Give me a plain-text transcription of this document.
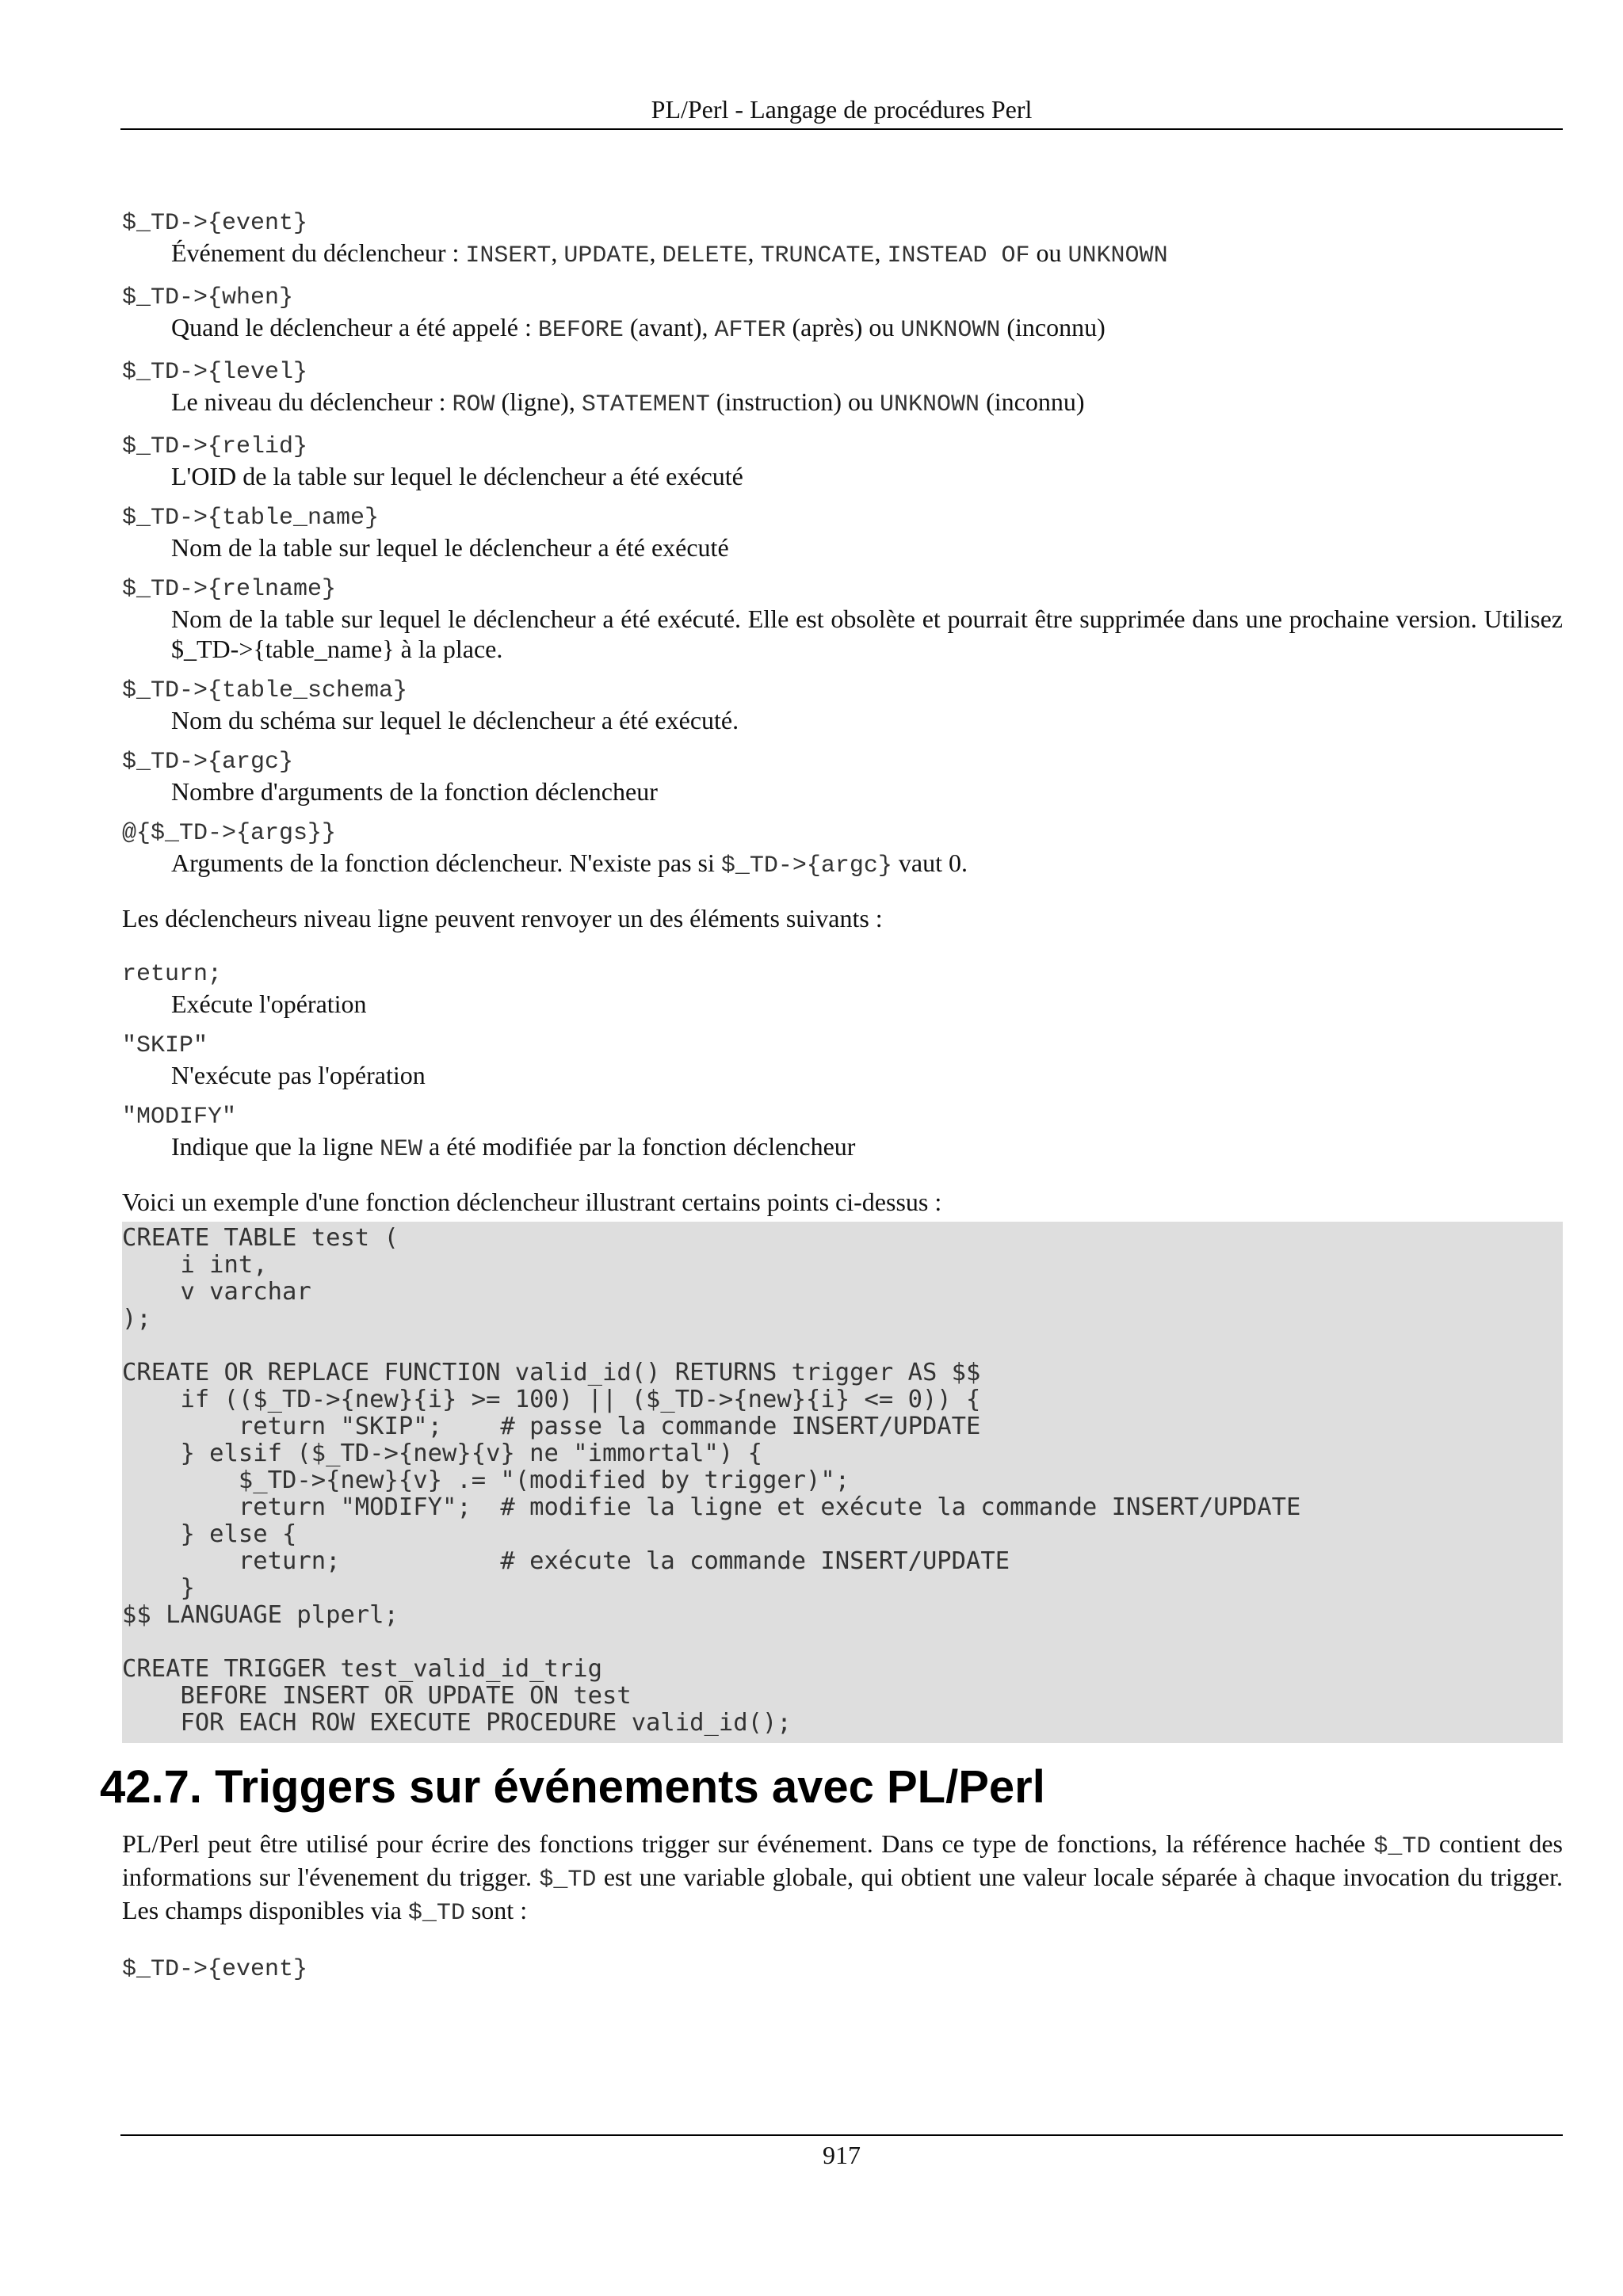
PL/Perl - Langage de procédures Perl
$_TD->{event}
Événement du déclencheur : INSERT, UPDATE, DELETE, TRUNCATE, INSTEAD OF ou UNKNOWN
$_TD->{when}
Quand le déclencheur a été appelé : BEFORE (avant), AFTER (après) ou UNKNOWN (inconnu)
$_TD->{level}
Le niveau du déclencheur : ROW (ligne), STATEMENT (instruction) ou UNKNOWN (inconnu)
$_TD->{relid}
L'OID de la table sur lequel le déclencheur a été exécuté
$_TD->{table_name}
Nom de la table sur lequel le déclencheur a été exécuté
$_TD->{relname}
Nom de la table sur lequel le déclencheur a été exécuté. Elle est obsolète et pourrait être supprimée dans une prochaine version. Utilisez $_TD->{table_name} à la place.
$_TD->{table_schema}
Nom du schéma sur lequel le déclencheur a été exécuté.
$_TD->{argc}
Nombre d'arguments de la fonction déclencheur
@{$_TD->{args}}
Arguments de la fonction déclencheur. N'existe pas si $_TD->{argc} vaut 0.

Les déclencheurs niveau ligne peuvent renvoyer un des éléments suivants :

return;
Exécute l'opération
"SKIP"
N'exécute pas l'opération
"MODIFY"
Indique que la ligne NEW a été modifiée par la fonction déclencheur

Voici un exemple d'une fonction déclencheur illustrant certains points ci-dessus :

CREATE TABLE test (
i int,
v varchar
);

CREATE OR REPLACE FUNCTION valid_id() RETURNS trigger AS $$
if (($_TD->{new}{i} >= 100) || ($_TD->{new}{i} <= 0)) {
return "SKIP";    # passe la commande INSERT/UPDATE
} elsif ($_TD->{new}{v} ne "immortal") {
$_TD->{new}{v} .= "(modified by trigger)";
return "MODIFY";  # modifie la ligne et exécute la commande INSERT/UPDATE
} else {
return;           # exécute la commande INSERT/UPDATE
}
$$ LANGUAGE plperl;

CREATE TRIGGER test_valid_id_trig
BEFORE INSERT OR UPDATE ON test
FOR EACH ROW EXECUTE PROCEDURE valid_id();
42.7. Triggers sur événements avec PL/Perl

PL/Perl peut être utilisé pour écrire des fonctions trigger sur événement. Dans ce type de fonctions, la référence hachée $_TD contient des informations sur l'évenement du trigger. $_TD est une variable globale, qui obtient une valeur locale séparée à chaque invocation du trigger. Les champs disponibles via $_TD sont :

$_TD->{event}
917
